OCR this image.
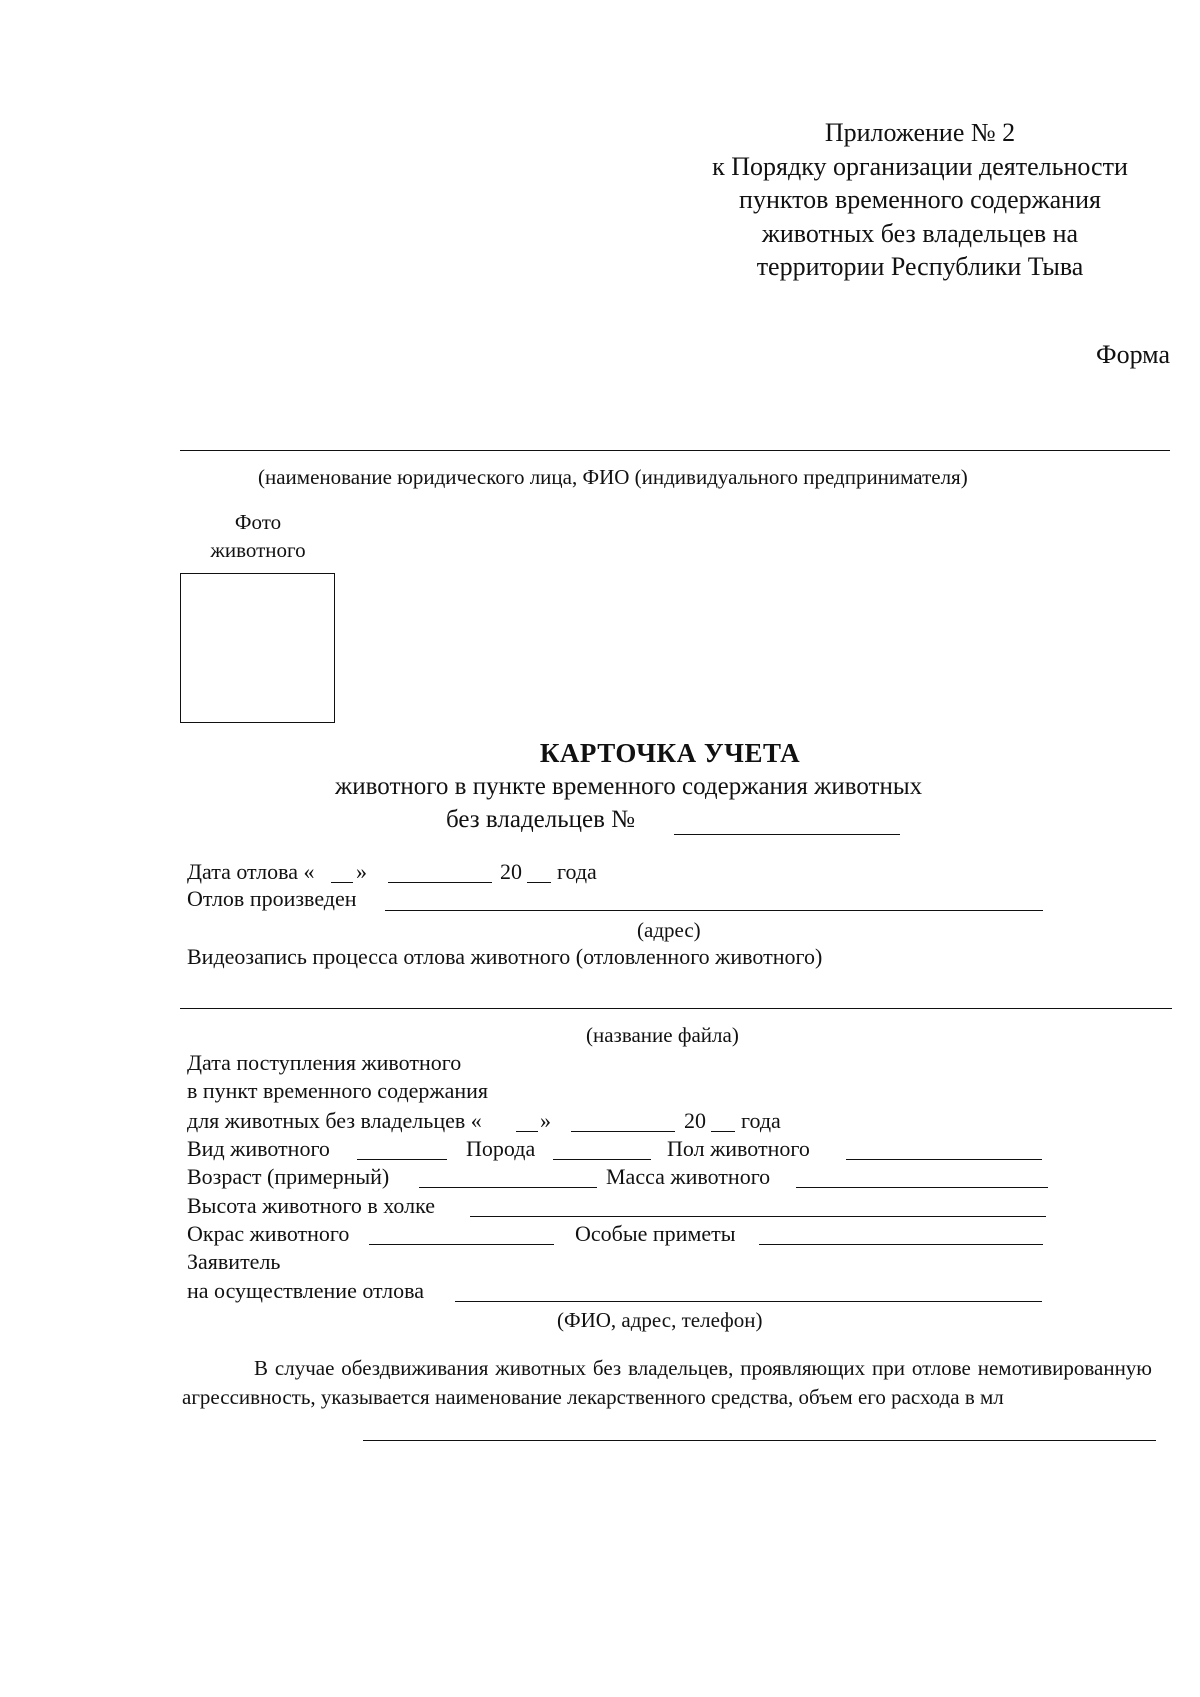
Приложение № 2
к Порядку организации деятельности
пунктов временного содержания
животных без владельцев на
территории Республики Тыва
Форма
(наименование юридического лица, ФИО (индивидуального предпринимателя)
Фото
животного
КАРТОЧКА УЧЕТА
животного в пункте временного содержания животных
без владельцев №
Дата отлова « »	20 года
Отлов произведен
(адрес)
Видеозапись процесса отлова животного (отловленного животного)
(название файла)
Дата поступления животного
в пункт временного содержания
для животных без владельцев «	»	20 года
Вид животного	Порода	Пол животного
Возраст (примерный)	Масса животного
Высота животного в холке
Окрас животного	Особые приметы
Заявитель
на осуществление отлова
(ФИО, адрес, телефон)
В случае обездвиживания животных без владельцев, проявляющих при отлове немотивированную агрессивность, указывается наименование лекарственного средства, объем его расхода в мл
